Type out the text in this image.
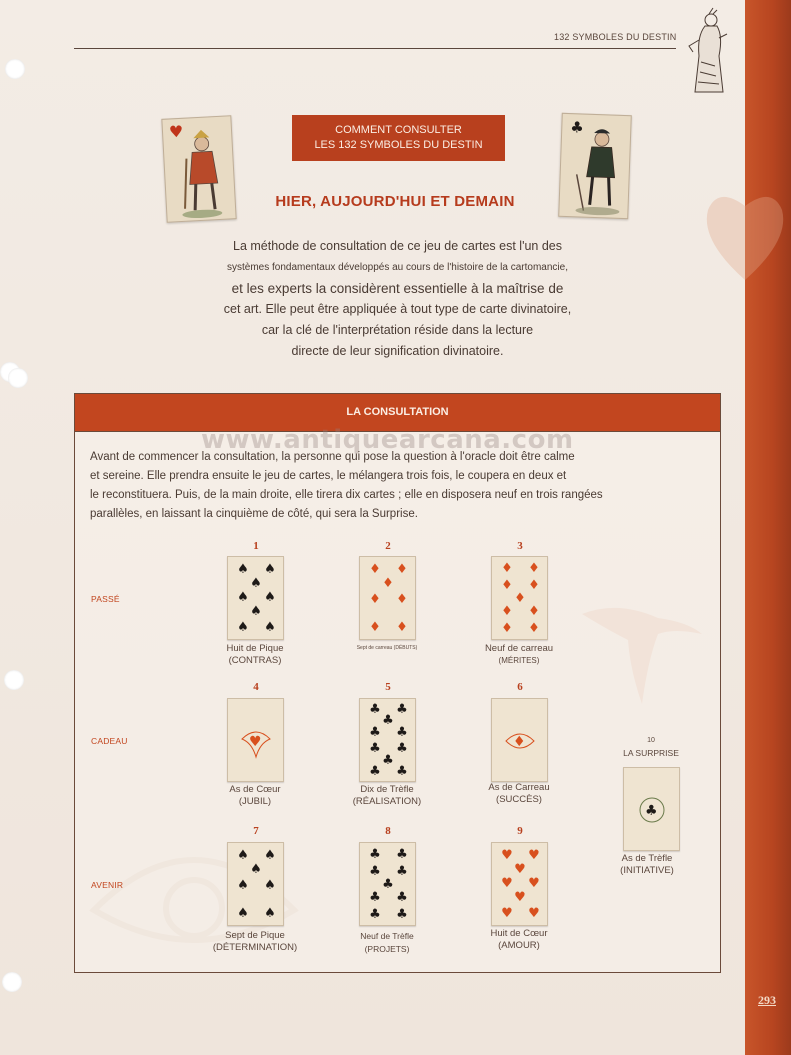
132 SYMBOLES DU DESTIN
♥	♣
COMMENT CONSULTER
LES 132 SYMBOLES DU DESTIN
HIER, AUJOURD'HUI ET DEMAIN
La méthode de consultation de ce jeu de cartes est l'un des
systèmes fondamentaux développés au cours de l'histoire de la cartomancie,
et les experts la considèrent essentielle à la maîtrise de
cet art. Elle peut être appliquée à tout type de carte divinatoire,
car la clé de l'interprétation réside dans la lecture
directe de leur signification divinatoire.
LA CONSULTATION
www.antiquearcana.com
Avant de commencer la consultation, la personne qui pose la question à l'oracle doit être calme
et sereine. Elle prendra ensuite le jeu de cartes, le mélangera trois fois, le coupera en deux et
le reconstituera. Puis, de la main droite, elle tirera dix cartes ; elle en disposera neuf en trois rangées
parallèles, en laissant la cinquième de côté, qui sera la Surprise.
PASSÉ
CADEAU
AVENIR
1
♠ ♠
♠
♠ ♠
♠
♠ ♠
Huit de Pique
(CONTRAS)
2
♦ ♦
♦
♦ ♦
♦ ♦
Sept de carreau (DÉBUTS)
3
♦ ♦
♦ ♦
♦
♦ ♦
♦ ♦
Neuf de carreau
(MÉRITES)
4
♥
As de Cœur
(JUBIL)
5
♣ ♣
♣
♣ ♣
♣ ♣
♣
♣ ♣
Dix de Trèfle
(RÉALISATION)
6
♦
As de Carreau
(SUCCÈS)
7
♠ ♠
♠
♠ ♠
♠ ♠
Sept de Pique
(DÉTERMINATION)
8
♣ ♣
♣ ♣
♣
♣ ♣
♣ ♣
Neuf de Trèfle
(PROJETS)
9
♥ ♥
♥
♥ ♥
♥
♥ ♥
Huit de Cœur
(AMOUR)
10
LA SURPRISE
♣
As de Trèfle
(INITIATIVE)
293
